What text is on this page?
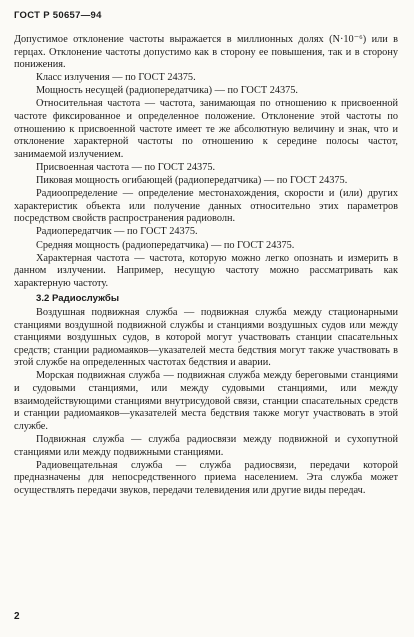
ГОСТ Р 50657—94

Допустимое отклонение частоты выражается в миллионных долях (N·10⁻⁶) или в герцах. Отклонение частоты допустимо как в сторону ее повышения, так и в сторону понижения.

Класс излучения — по ГОСТ 24375.

Мощность несущей (радиопередатчика) — по ГОСТ 24375.

Относительная частота — частота, занимающая по отношению к присвоенной частоте фиксированное и определенное положение. Отклонение этой частоты по отношению к присвоенной частоте имеет те же абсолютную величину и знак, что и отклонение характерной частоты по отношению к середине полосы частот, занимаемой излучением.

Присвоенная частота — по ГОСТ 24375.

Пиковая мощность огибающей (радиопередатчика) — по ГОСТ 24375.

Радиоопределение — определение местонахождения, скорости и (или) других характеристик объекта или получение данных относительно этих параметров посредством свойств распространения радиоволн.

Радиопередатчик — по ГОСТ 24375.

Средняя мощность (радиопередатчика) — по ГОСТ 24375.

Характерная частота — частота, которую можно легко опознать и измерить в данном излучении. Например, несущую частоту можно рассматривать как характерную частоту.

3.2 Радиослужбы

Воздушная подвижная служба — подвижная служба между стационарными станциями воздушной подвижной службы и станциями воздушных судов или между станциями воздушных судов, в которой могут участвовать станции спасательных средств; станции радиомаяков—указателей места бедствия могут также участвовать в этой службе на определенных частотах бедствия и аварии.

Морская подвижная служба — подвижная служба между береговыми станциями и судовыми станциями, или между судовыми станциями, или между взаимодействующими станциями внутрисудовой связи, станции спасательных средств и станции радиомаяков—указателей места бедствия также могут участвовать в этой службе.

Подвижная служба — служба радиосвязи между подвижной и сухопутной станциями или между подвижными станциями.

Радиовещательная служба — служба радиосвязи, передачи которой предназначены для непосредственного приема населением. Эта служба может осуществлять передачи звуков, передачи телевидения или другие виды передач.

2
